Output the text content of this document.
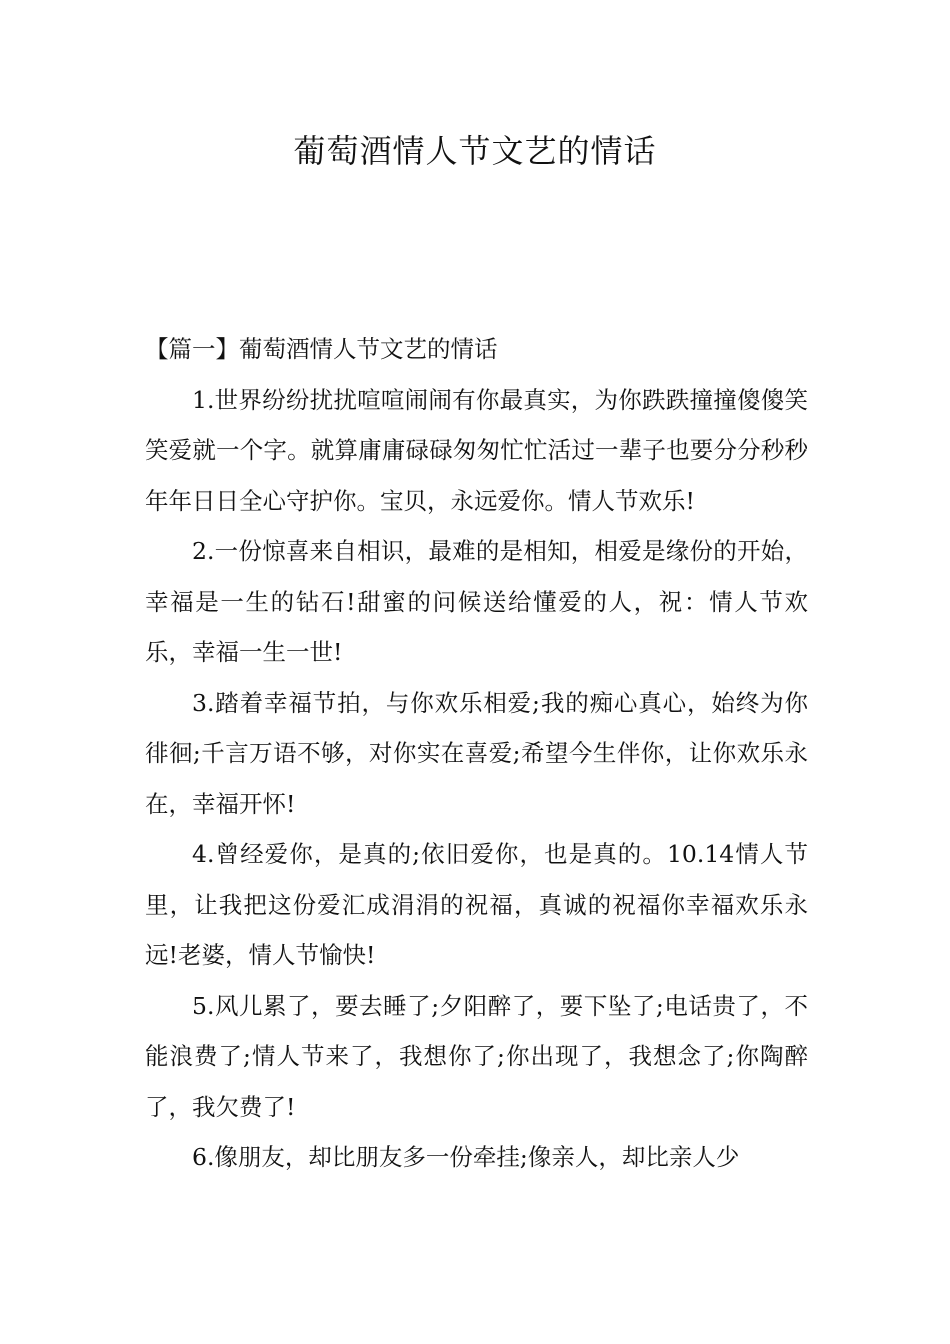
葡萄酒情人节文艺的情话

【篇一】葡萄酒情人节文艺的情话

1.世界纷纷扰扰喧喧闹闹有你最真实，为你跌跌撞撞傻傻笑笑爱就一个字。就算庸庸碌碌匆匆忙忙活过一辈子也要分分秒秒年年日日全心守护你。宝贝，永远爱你。情人节欢乐!

2.一份惊喜来自相识，最难的是相知，相爱是缘份的开始，幸福是一生的钻石!甜蜜的问候送给懂爱的人，祝：情人节欢乐，幸福一生一世!

3.踏着幸福节拍，与你欢乐相爱;我的痴心真心，始终为你徘徊;千言万语不够，对你实在喜爱;希望今生伴你，让你欢乐永在，幸福开怀!

4.曾经爱你，是真的;依旧爱你，也是真的。10.14情人节里，让我把这份爱汇成涓涓的祝福，真诚的祝福你幸福欢乐永远!老婆，情人节愉快!

5.风儿累了，要去睡了;夕阳醉了，要下坠了;电话贵了，不能浪费了;情人节来了，我想你了;你出现了，我想念了;你陶醉了，我欠费了!

6.像朋友，却比朋友多一份牵挂;像亲人，却比亲人少
